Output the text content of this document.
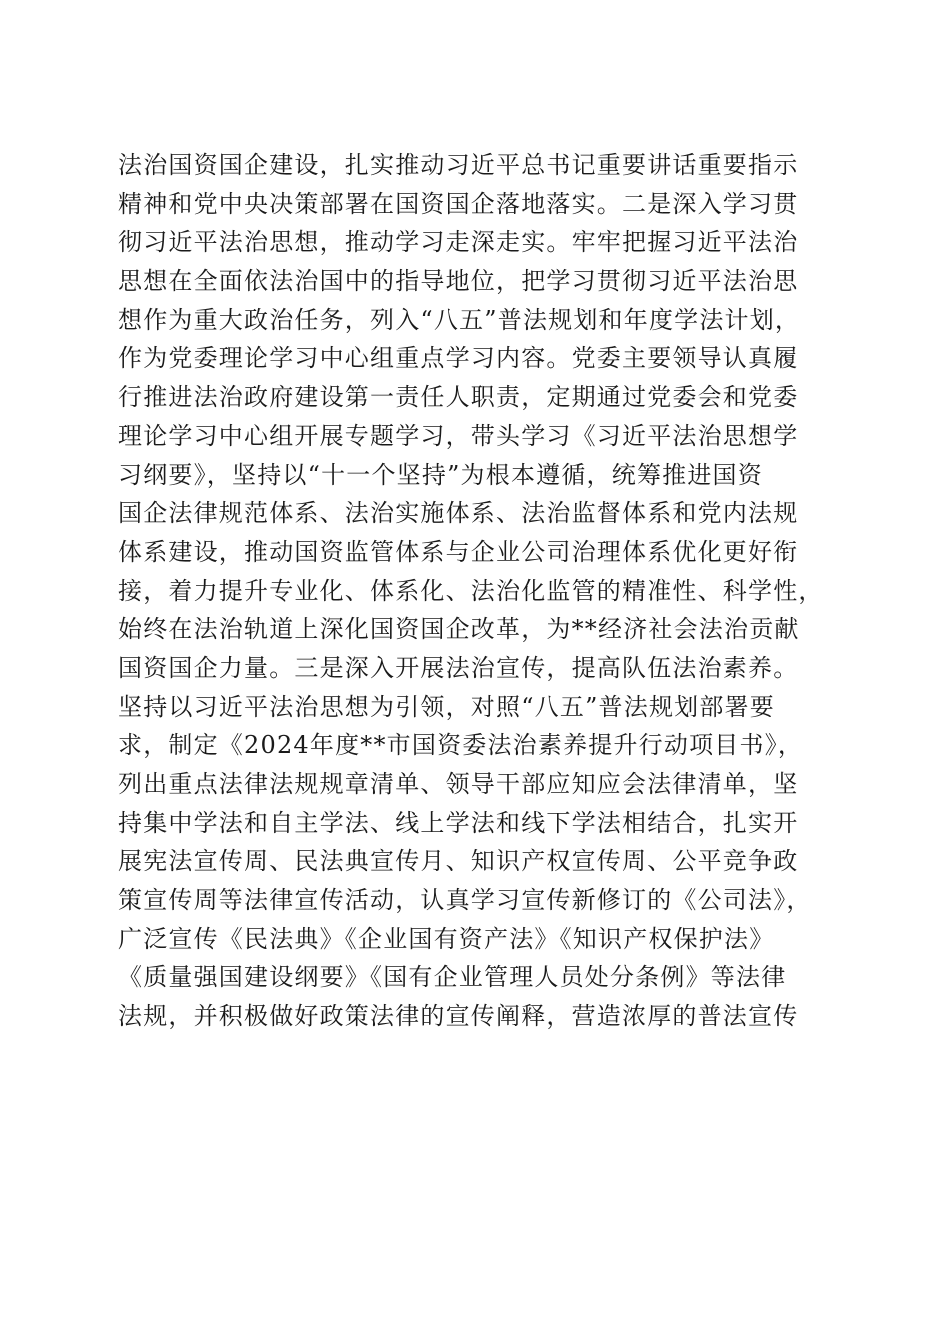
法治国资国企建设，扎实推动习近平总书记重要讲话重要指示
精神和党中央决策部署在国资国企落地落实。二是深入学习贯
彻习近平法治思想，推动学习走深走实。牢牢把握习近平法治
思想在全面依法治国中的指导地位，把学习贯彻习近平法治思
想作为重大政治任务，列入“八五”普法规划和年度学法计划，
作为党委理论学习中心组重点学习内容。党委主要领导认真履
行推进法治政府建设第一责任人职责，定期通过党委会和党委
理论学习中心组开展专题学习，带头学习《习近平法治思想学
习纲要》，坚持以“十一个坚持”为根本遵循，统筹推进国资
国企法律规范体系、法治实施体系、法治监督体系和党内法规
体系建设，推动国资监管体系与企业公司治理体系优化更好衔
接，着力提升专业化、体系化、法治化监管的精准性、科学性，
始终在法治轨道上深化国资国企改革，为**经济社会法治贡献
国资国企力量。三是深入开展法治宣传，提高队伍法治素养。
坚持以习近平法治思想为引领，对照“八五”普法规划部署要
求，制定《2024年度**市国资委法治素养提升行动项目书》，
列出重点法律法规规章清单、领导干部应知应会法律清单，坚
持集中学法和自主学法、线上学法和线下学法相结合，扎实开
展宪法宣传周、民法典宣传月、知识产权宣传周、公平竞争政
策宣传周等法律宣传活动，认真学习宣传新修订的《公司法》，
广泛宣传《民法典》《企业国有资产法》《知识产权保护法》
《质量强国建设纲要》《国有企业管理人员处分条例》等法律
法规，并积极做好政策法律的宣传阐释，营造浓厚的普法宣传
